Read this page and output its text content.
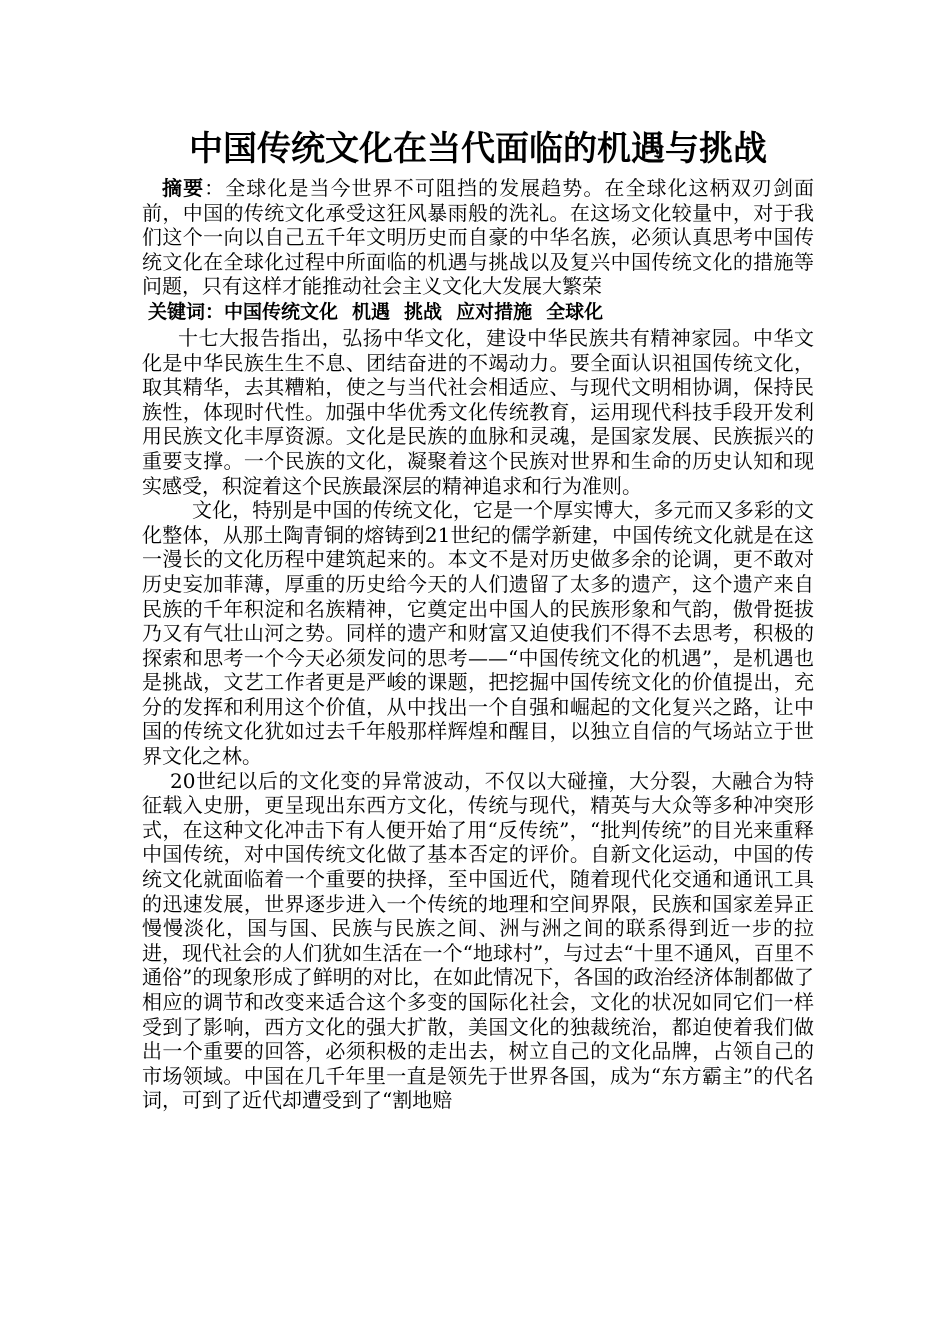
中国传统文化在当代面临的机遇与挑战

摘要：全球化是当今世界不可阻挡的发展趋势。在全球化这柄双刃剑面前，中国的传统文化承受这狂风暴雨般的洗礼。在这场文化较量中，对于我们这个一向以自己五千年文明历史而自豪的中华名族，必须认真思考中国传统文化在全球化过程中所面临的机遇与挑战以及复兴中国传统文化的措施等问题，只有这样才能推动社会主义文化大发展大繁荣

关键词：中国传统文化 机遇 挑战 应对措施 全球化

十七大报告指出，弘扬中华文化，建设中华民族共有精神家园。中华文化是中华民族生生不息、团结奋进的不竭动力。要全面认识祖国传统文化，取其精华，去其糟粕，使之与当代社会相适应、与现代文明相协调，保持民族性，体现时代性。加强中华优秀文化传统教育，运用现代科技手段开发利用民族文化丰厚资源。文化是民族的血脉和灵魂，是国家发展、民族振兴的重要支撑。一个民族的文化，凝聚着这个民族对世界和生命的历史认知和现实感受，积淀着这个民族最深层的精神追求和行为准则。

文化，特别是中国的传统文化，它是一个厚实博大，多元而又多彩的文化整体，从那土陶青铜的熔铸到21世纪的儒学新建，中国传统文化就是在这一漫长的文化历程中建筑起来的。本文不是对历史做多余的论调，更不敢对历史妄加菲薄，厚重的历史给今天的人们遗留了太多的遗产，这个遗产来自民族的千年积淀和名族精神，它奠定出中国人的民族形象和气韵，傲骨挺拔乃又有气壮山河之势。同样的遗产和财富又迫使我们不得不去思考，积极的探索和思考一个今天必须发问的思考——“中国传统文化的机遇”，是机遇也是挑战，文艺工作者更是严峻的课题，把挖掘中国传统文化的价值提出，充分的发挥和利用这个价值，从中找出一个自强和崛起的文化复兴之路，让中国的传统文化犹如过去千年般那样辉煌和醒目，以独立自信的气场站立于世界文化之林。

20世纪以后的文化变的异常波动，不仅以大碰撞，大分裂，大融合为特征载入史册，更呈现出东西方文化，传统与现代，精英与大众等多种冲突形式，在这种文化冲击下有人便开始了用“反传统”，“批判传统”的目光来重释中国传统，对中国传统文化做了基本否定的评价。自新文化运动，中国的传统文化就面临着一个重要的抉择，至中国近代，随着现代化交通和通讯工具的迅速发展，世界逐步进入一个传统的地理和空间界限，民族和国家差异正慢慢淡化，国与国、民族与民族之间、洲与洲之间的联系得到近一步的拉进，现代社会的人们犹如生活在一个“地球村”，与过去“十里不通风，百里不通俗”的现象形成了鲜明的对比，在如此情况下，各国的政治经济体制都做了相应的调节和改变来适合这个多变的国际化社会，文化的状况如同它们一样受到了影响，西方文化的强大扩散，美国文化的独裁统治，都迫使着我们做出一个重要的回答，必须积极的走出去，树立自己的文化品牌，占领自己的市场领域。中国在几千年里一直是领先于世界各国，成为“东方霸主”的代名词，可到了近代却遭受到了“割地赔
